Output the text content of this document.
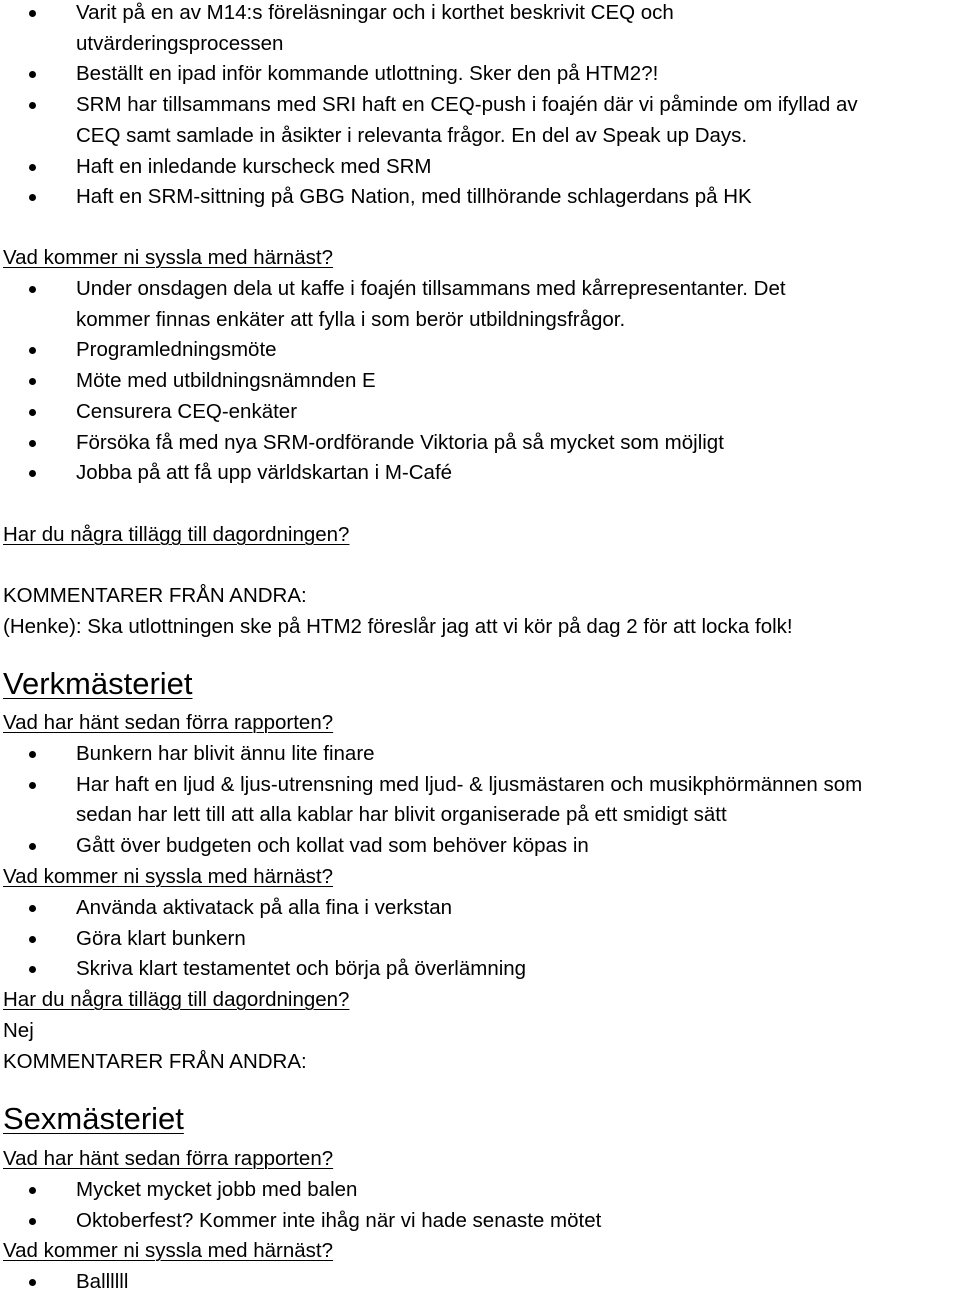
Varit på en av M14:s föreläsningar och i korthet beskrivit CEQ och
utvärderingsprocessen
Beställt en ipad inför kommande utlottning. Sker den på HTM2?!
SRM har tillsammans med SRI haft en CEQ-push i foajén där vi påminde om ifyllad av
CEQ samt samlade in åsikter i relevanta frågor. En del av Speak up Days.
Haft en inledande kurscheck med SRM
Haft en SRM-sittning på GBG Nation, med tillhörande schlagerdans på HK

Vad kommer ni syssla med härnäst?

Under onsdagen dela ut kaffe i foajén tillsammans med kårrepresentanter. Det
kommer finnas enkäter att fylla i som berör utbildningsfrågor.
Programledningsmöte
Möte med utbildningsnämnden E
Censurera CEQ-enkäter
Försöka få med nya SRM-ordförande Viktoria på så mycket som möjligt
Jobba på att få upp världskartan i M-Café

Har du några tillägg till dagordningen?

KOMMENTARER FRÅN ANDRA:

(Henke): Ska utlottningen ske på HTM2 föreslår jag att vi kör på dag 2 för att locka folk!

Verkmästeriet

Vad har hänt sedan förra rapporten?

Bunkern har blivit ännu lite finare
Har haft en ljud & ljus-utrensning med ljud- & ljusmästaren och musikphörmännen som
sedan har lett till att alla kablar har blivit organiserade på ett smidigt sätt
Gått över budgeten och kollat vad som behöver köpas in

Vad kommer ni syssla med härnäst?

Använda aktivatack på alla fina i verkstan
Göra klart bunkern
Skriva klart testamentet och börja på överlämning

Har du några tillägg till dagordningen?

Nej

KOMMENTARER FRÅN ANDRA:

Sexmästeriet

Vad har hänt sedan förra rapporten?

Mycket mycket jobb med balen
Oktoberfest? Kommer inte ihåg när vi hade senaste mötet

Vad kommer ni syssla med härnäst?

Ballllll
